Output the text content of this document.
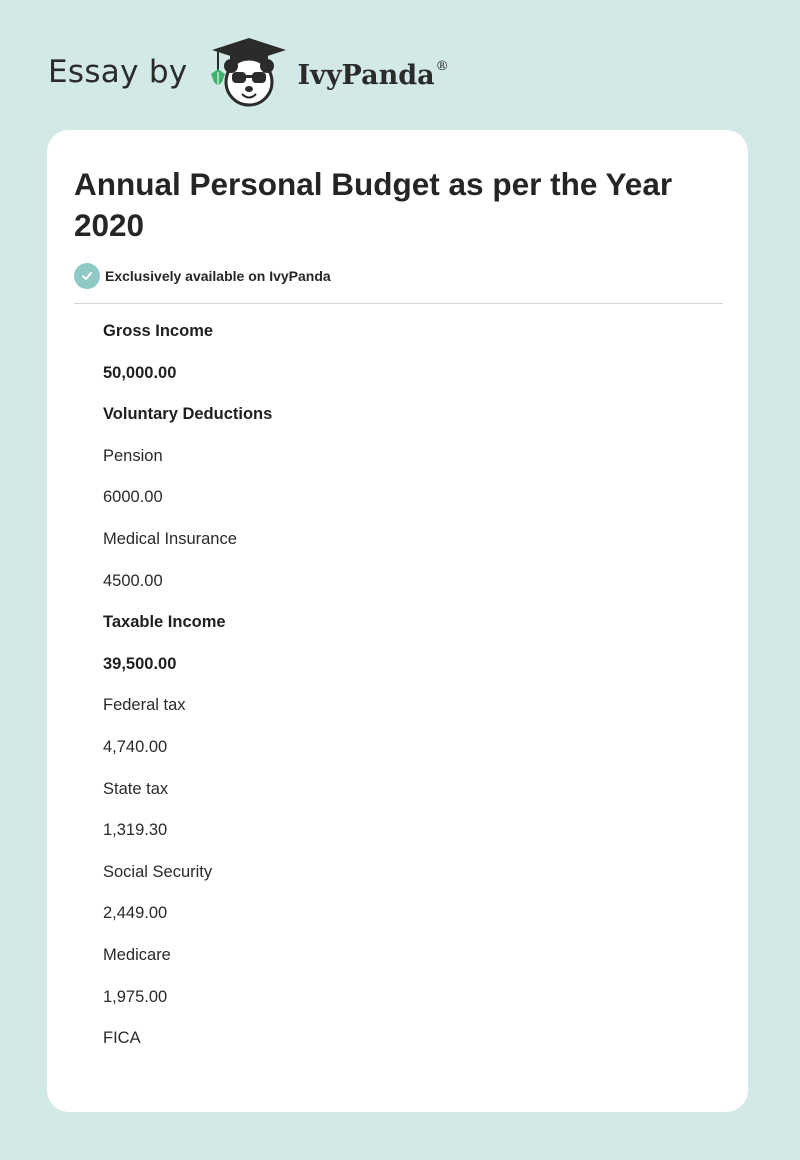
Essay by	IvyPanda®
Annual Personal Budget as per the Year 2020
Exclusively available on IvyPanda
Gross Income
50,000.00
Voluntary Deductions
Pension
6000.00
Medical Insurance
4500.00
Taxable Income
39,500.00
Federal tax
4,740.00
State tax
1,319.30
Social Security
2,449.00
Medicare
1,975.00
FICA
